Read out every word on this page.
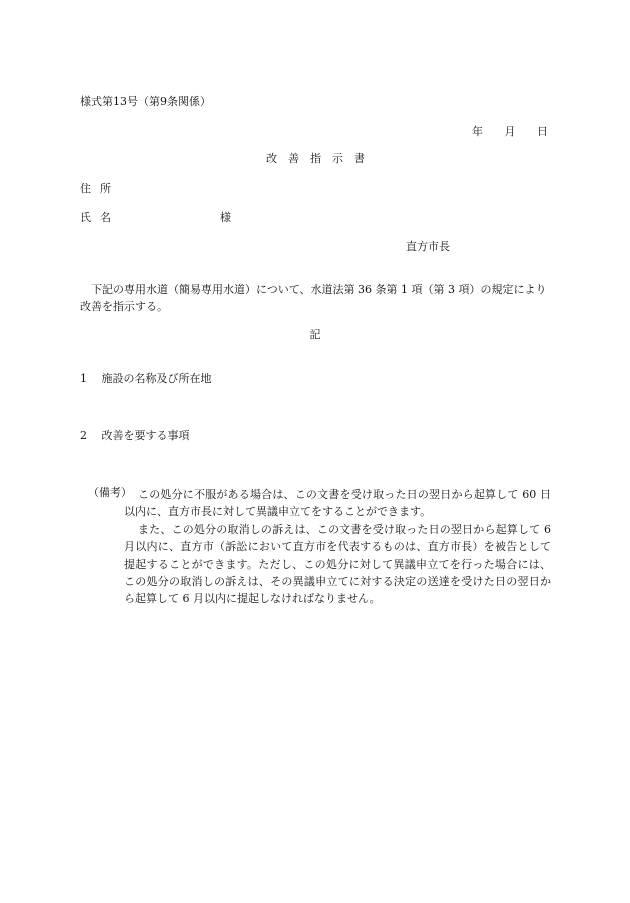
様式第13号（第9条関係）
年 月 日
改善指示書
住所
氏名	様
直方市長
下記の専用水道（簡易専用水道）について、水道法第 36 条第 1 項（第 3 項）の規定により改善を指示する。
記
1 施設の名称及び所在地
2 改善を要する事項
（備考） この処分に不服がある場合は、この文書を受け取った日の翌日から起算して 60 日以内に、直方市長に対して異議申立てをすることができます。

また、この処分の取消しの訴えは、この文書を受け取った日の翌日から起算して 6 月以内に、直方市（訴訟において直方市を代表するものは、直方市長）を被告として提起することができます。ただし、この処分に対して異議申立てを行った場合には、この処分の取消しの訴えは、その異議申立てに対する決定の送達を受けた日の翌日から起算して 6 月以内に提起しなければなりません。
